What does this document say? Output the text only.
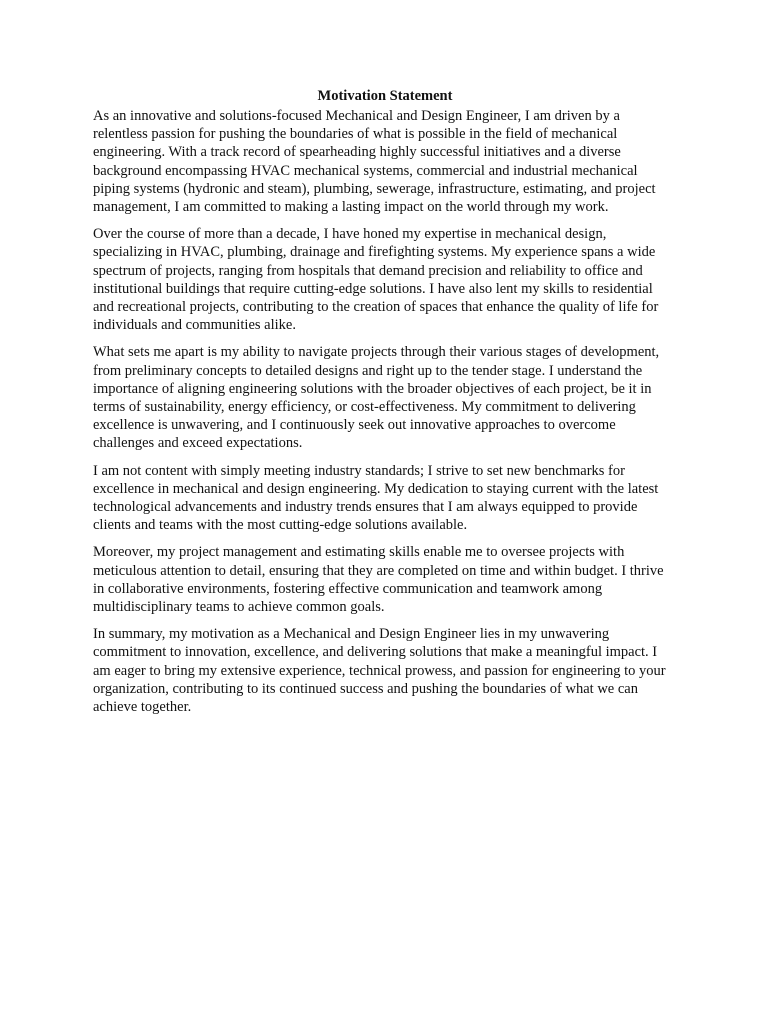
Motivation Statement

As an innovative and solutions-focused Mechanical and Design Engineer, I am driven by a relentless passion for pushing the boundaries of what is possible in the field of mechanical engineering. With a track record of spearheading highly successful initiatives and a diverse background encompassing HVAC mechanical systems, commercial and industrial mechanical piping systems (hydronic and steam), plumbing, sewerage, infrastructure, estimating, and project management, I am committed to making a lasting impact on the world through my work.

Over the course of more than a decade, I have honed my expertise in mechanical design, specializing in HVAC, plumbing, drainage and firefighting systems. My experience spans a wide spectrum of projects, ranging from hospitals that demand precision and reliability to office and institutional buildings that require cutting-edge solutions. I have also lent my skills to residential and recreational projects, contributing to the creation of spaces that enhance the quality of life for individuals and communities alike.

What sets me apart is my ability to navigate projects through their various stages of development, from preliminary concepts to detailed designs and right up to the tender stage. I understand the importance of aligning engineering solutions with the broader objectives of each project, be it in terms of sustainability, energy efficiency, or cost-effectiveness. My commitment to delivering excellence is unwavering, and I continuously seek out innovative approaches to overcome challenges and exceed expectations.

I am not content with simply meeting industry standards; I strive to set new benchmarks for excellence in mechanical and design engineering. My dedication to staying current with the latest technological advancements and industry trends ensures that I am always equipped to provide clients and teams with the most cutting-edge solutions available.

Moreover, my project management and estimating skills enable me to oversee projects with meticulous attention to detail, ensuring that they are completed on time and within budget. I thrive in collaborative environments, fostering effective communication and teamwork among multidisciplinary teams to achieve common goals.

In summary, my motivation as a Mechanical and Design Engineer lies in my unwavering commitment to innovation, excellence, and delivering solutions that make a meaningful impact. I am eager to bring my extensive experience, technical prowess, and passion for engineering to your organization, contributing to its continued success and pushing the boundaries of what we can achieve together.
